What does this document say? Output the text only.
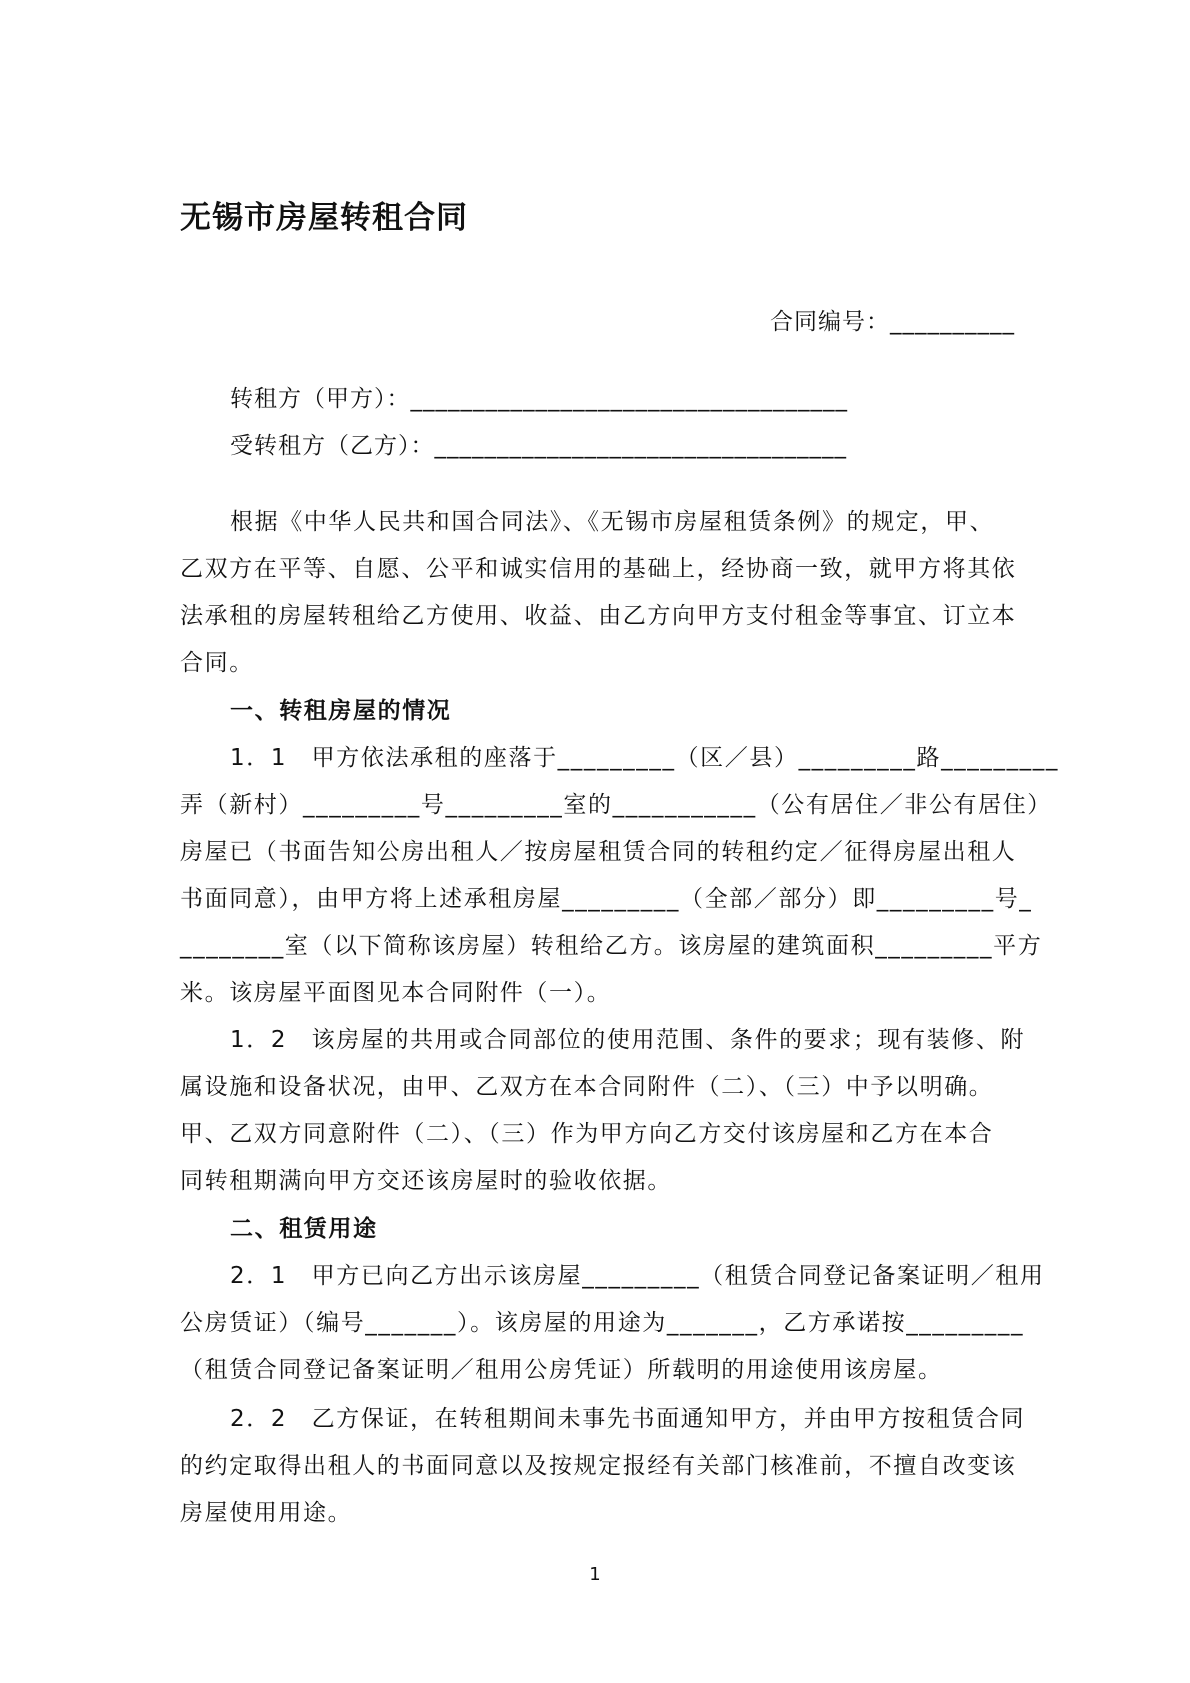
无锡市房屋转租合同
合同编号：__________
转租方（甲方）：___________________________________
受转租方（乙方）：_________________________________
根据《中华人民共和国合同法》、《无锡市房屋租赁条例》的规定，甲、
乙双方在平等、自愿、公平和诚实信用的基础上，经协商一致，就甲方将其依
法承租的房屋转租给乙方使用、收益、由乙方向甲方支付租金等事宜、订立本
合同。
一、转租房屋的情况
1．1　甲方依法承租的座落于_________（区／县）_________路_________
弄（新村）_________号_________室的___________（公有居住／非公有居住）
房屋已（书面告知公房出租人／按房屋租赁合同的转租约定／征得房屋出租人
书面同意），由甲方将上述承租房屋_________（全部／部分）即_________号_
________室（以下简称该房屋）转租给乙方。该房屋的建筑面积_________平方
米。该房屋平面图见本合同附件（一）。
1．2　该房屋的共用或合同部位的使用范围、条件的要求；现有装修、附
属设施和设备状况，由甲、乙双方在本合同附件（二）、（三）中予以明确。
甲、乙双方同意附件（二）、（三）作为甲方向乙方交付该房屋和乙方在本合
同转租期满向甲方交还该房屋时的验收依据。
二、租赁用途
2．1　甲方已向乙方出示该房屋_________（租赁合同登记备案证明／租用
公房赁证）（编号_______）。该房屋的用途为_______，乙方承诺按_________
（租赁合同登记备案证明／租用公房凭证）所载明的用途使用该房屋。
2．2　乙方保证，在转租期间未事先书面通知甲方，并由甲方按租赁合同
的约定取得出租人的书面同意以及按规定报经有关部门核准前，不擅自改变该
房屋使用用途。
1
